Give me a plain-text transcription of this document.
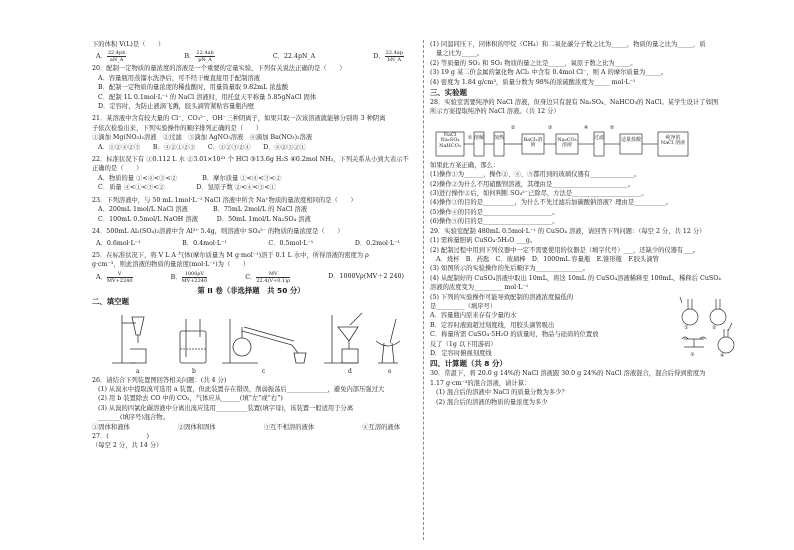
下的体积 V(L)是（　　）
A． $\frac{22.4pb}{aN\_A}$	B． $\frac{22.4ab}{pN\_A}$	C．22.4pN_A	D． $\frac{22.4ap}{bN\_A}$
20．配制一定物质的量浓度的溶液是一个重要的定量实验，下列有关说法正确的是（　　）
A．容量瓶用蒸馏水洗净后，可不经干燥直接用于配制溶液
B．配制一定物质的量浓度的稀盐酸时，用量筒量取 9.82mL 浓盐酸
C．配制 1L 0.1mol·L⁻¹ 的 NaCl 溶液时，用托盘天平称量 5.85gNaCl 固体
D．定容时，为防止液滴飞溅，胶头滴管紧贴容量瓶内壁
21．某溶液中含有较大量的 Cl⁻、CO₃²⁻、OH⁻三种阴离子，如果只取一次该溶液就能够分别将 3 种阴离
子依次检验出来，下列实验操作的顺序排列正确的是（　　）
①滴加 Mg(NO₃)₂溶液　②过滤　③滴加 AgNO₃溶液　④滴加 Ba(NO₃)₂溶液
A．①②④②③　　B．④②①②③　　C．①②③②④　　D．④②③②①
22．标准状况下有 ①0.112 L 水 ②3.01×10²³ 个 HCl ③13.6g H₂S ④0.2mol NH₃，下列关系从小到大表示不
正确的是（　　）
A．物质的量 ①<④<③<②　　　　B．摩尔质量 ①<④<③<②
C．质量 ④<①<③<②　　　　　D．氢原子数 ②<④<③<①
23．下列溶液中，与 50 mL 1mol·L⁻¹ NaCl 溶液中所含 Na⁺物质的量浓度相同的是（　　）
A．200mL 1mol/L NaCl 溶液　　　　B．75mL 2mol/L 的 NaCl 溶液
C．100mL 0.5mol/L NaOH 溶液　　　D．50mL 1mol/L Na₂SO₄ 溶液
24．500mL Al₂(SO₄)₃溶液中含 Al³⁺ 5.4g，则溶液中 SO₄²⁻ 的物质的量浓度是（　　）
A．0.6mol·L⁻¹	B．0.4mol·L⁻¹	C．0.5mol·L⁻¹	D．0.2mol·L⁻¹
25．在标准状况下，将 V L A 气体(摩尔质量为 M g·mol⁻¹)溶于 0.1 L 水中，所得溶液的密度为 ρ
g·cm⁻³，则此溶液的物质的量浓度(mol·L⁻¹)为（　　）
A． $\frac{V}{MV+2240}$	B． $\frac{1000\rho V}{MV+2240}$	C． $\frac{MV}{22.4(V+0.1)\rho}$	D．1000Vρ(MV＋2 240)
第 II 卷（非选择题　共 50 分）
二、填空题
a	b	c	d	e
26．请结合下列装置图回答相关问题：(共 4 分)
(1) 从溴水中提取溴可选用 a 装置，但此装置存在错误，削弱振荡后_____________，避免内部压强过大
(2) 用 b 装置除去 CO 中的 CO₂，气体应从______(填“左”或“右”)
(3) 从溴的四氯化碳溶液中分离出溴应选用__________装置(填字母)，该装置一般适用于分离
_______(填序号)混合物。
①固体和液体	②固体和固体	③互不相溶的液体	④互溶的液体
27．(　　　　　　)
（每空 2 分，共 14 分）
(1) 同温同压下，同体积的甲烷（CH₄）和二氧化碳分子数之比为_____，物质的量之比为_____，质
量之比为_____。
(2) 等质量的 SO₂ 和 SO₃ 物质的量之比是_____，氧原子数之比为_____。
(3) 19 g 某二价金属的氯化物 ACl₂ 中含有 0.4mol Cl⁻，则 A 的摩尔质量为_____。
(4) 密度为 1.84 g/cm³，质量分数为 98%的浓硫酸浓度为_____ mol·L⁻¹
三、实验题
28．实验室需要纯净的 NaCl 溶液，但身边只有混有 Na₂SO₄、NaHCO₃的 NaCl。某学生设计了如图
所示方案提取纯净的 NaCl 溶液。（共 12 分）
NaCl
Na₂SO₄
NaHCO₃
① 溶解 加热
②
BaCl₂溶液
③
Na₂CO₃溶液
④
过滤
⑤
适量盐酸	纯净的 NaCl 溶液
如果此方案正确，那么：
(1)操作①为______，操作②、④、⑤都用到的玻璃仪器有______________。
(2)操作②为什么不用硝酸钡溶液，其理由是________________________。
(3)进行操作②后，如何判断 SO₄²⁻已除尽，方法是______________________。
(4)操作③的目的是__________，为什么不先过滤后加碳酸钠溶液？理由是__________。
(5)操作④的目的是______________________。
(6)操作⑤的目的是______________________。
29．实验室配制 480mL 0.5mol·L⁻¹ 的 CuSO₄ 溶液，请回答下列问题：（每空 2 分，共 12 分）
(1) 需称量胆矾 CuSO₄·5H₂O ___g。
(2) 配制过程中用到下列仪器中一定不需要使用的仪器是（填字代号）___，还缺少的仪器有___。
A．烧杯　B．药匙　C．玻璃棒　D．1000mL 容量瓶　E.锥形瓶　F.胶头滴管
(3) 如图所示的实验操作的先后顺序为_______________。
(4) 从配制好的 CuSO₄溶液中取出 10mL，将这 10mL 的 CuSO₄溶液稀释至 100mL，稀释后 CuSO₄
溶液的浓度变为_________ mol·L⁻¹
(5) 下列的实验操作可能导致配制的溶液浓度偏低的
是_________（填序号）
A．容量瓶内原来存有少量的水
B．定容时液面超过刻度线，用胶头滴管吸出
C．称量所需 CuSO₄·5H₂O 的质量时，物品与砝码的位置放
反了（1g 以下用游码）
D．定容时俯视刻度线
①	②
③	④
四、计算题（共 8 分）
30．常温下，将 20.0 g 14%的 NaCl 溶液跟 30.0 g 24%的 NaCl 溶液混合，混合后得到密度为
1.17 g·cm⁻³的混合溶液，请计算：
(1) 混合后的溶液中 NaCl 的质量分数为多少？
(2) 混合后的溶液的物质的量浓度为多少
